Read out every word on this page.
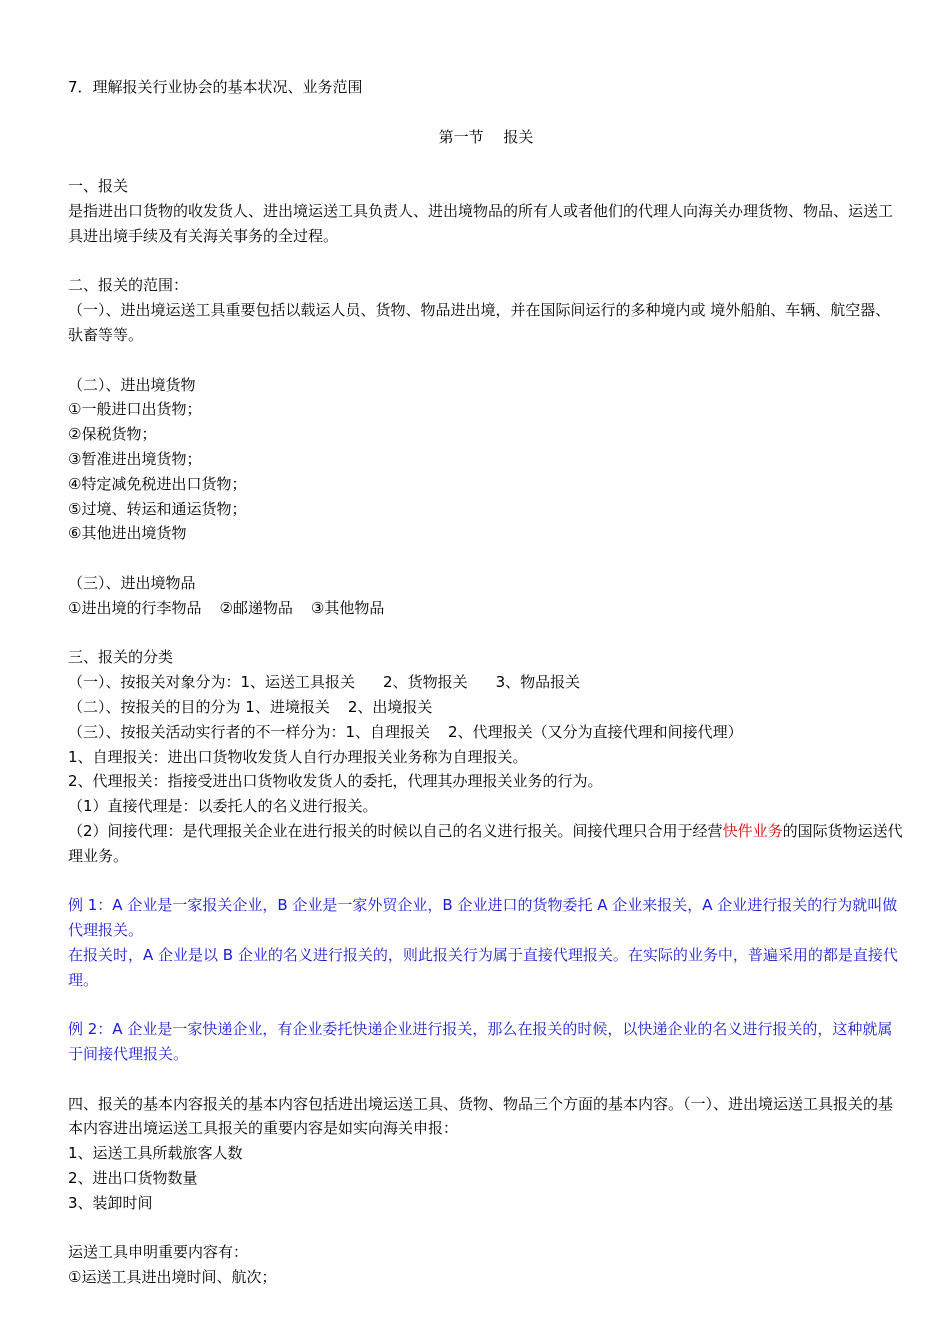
7．理解报关行业协会的基本状况、业务范围

第一节　 报关

一、报关

是指进出口货物的收发货人、进出境运送工具负责人、进出境物品的所有人或者他们的代理人向海关办理货物、物品、运送工具进出境手续及有关海关事务的全过程。

二、报关的范围：

（一）、进出境运送工具重要包括以载运人员、货物、物品进出境，并在国际间运行的多种境内或 境外船舶、车辆、航空器、驮畜等等。

（二）、进出境货物

①一般进口出货物；

②保税货物；

③暂准进出境货物；

④特定减免税进出口货物；

⑤过境、转运和通运货物；

⑥其他进出境货物

（三）、进出境物品

①进出境的行李物品 ②邮递物品 ③其他物品

三、报关的分类

（一）、按报关对象分为：1、运送工具报关 2、货物报关 3、物品报关

（二）、按报关的目的分为 1、进境报关 2、出境报关

（三）、按报关活动实行者的不一样分为：1、自理报关 2、代理报关（又分为直接代理和间接代理）

1、自理报关：进出口货物收发货人自行办理报关业务称为自理报关。

2、代理报关：指接受进出口货物收发货人的委托，代理其办理报关业务的行为。

（1）直接代理是：以委托人的名义进行报关。

（2）间接代理：是代理报关企业在进行报关的时候以自己的名义进行报关。间接代理只合用于经营快件业务的国际货物运送代理业务。

例 1：A 企业是一家报关企业，B 企业是一家外贸企业，B 企业进口的货物委托 A 企业来报关，A 企业进行报关的行为就叫做代理报关。

在报关时，A 企业是以 B 企业的名义进行报关的，则此报关行为属于直接代理报关。在实际的业务中，普遍采用的都是直接代理。

例 2：A 企业是一家快递企业，有企业委托快递企业进行报关，那么在报关的时候，以快递企业的名义进行报关的，这种就属于间接代理报关。

四、报关的基本内容报关的基本内容包括进出境运送工具、货物、物品三个方面的基本内容。（一）、进出境运送工具报关的基本内容进出境运送工具报关的重要内容是如实向海关申报：

1、运送工具所载旅客人数

2、进出口货物数量

3、装卸时间

运送工具申明重要内容有：

①运送工具进出境时间、航次；
